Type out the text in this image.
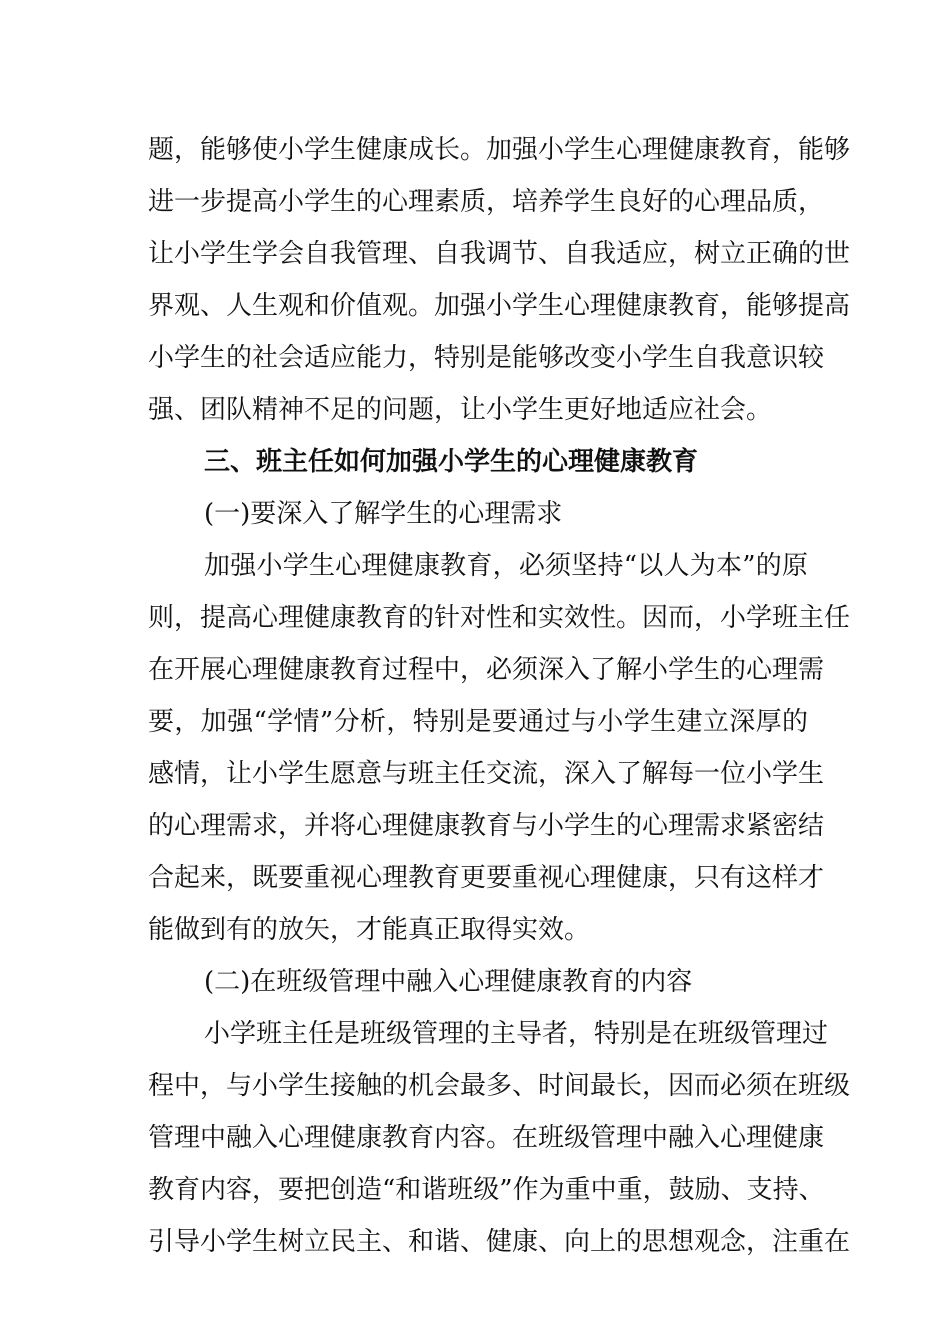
题，能够使小学生健康成长。加强小学生心理健康教育，能够
进一步提高小学生的心理素质，培养学生良好的心理品质，
让小学生学会自我管理、自我调节、自我适应，树立正确的世
界观、人生观和价值观。加强小学生心理健康教育，能够提高
小学生的社会适应能力，特别是能够改变小学生自我意识较
强、团队精神不足的问题，让小学生更好地适应社会。
三、班主任如何加强小学生的心理健康教育
(一)要深入了解学生的心理需求
加强小学生心理健康教育，必须坚持“以人为本”的原
则，提高心理健康教育的针对性和实效性。因而，小学班主任
在开展心理健康教育过程中，必须深入了解小学生的心理需
要，加强“学情”分析，特别是要通过与小学生建立深厚的
感情，让小学生愿意与班主任交流，深入了解每一位小学生
的心理需求，并将心理健康教育与小学生的心理需求紧密结
合起来，既要重视心理教育更要重视心理健康，只有这样才
能做到有的放矢，才能真正取得实效。
(二)在班级管理中融入心理健康教育的内容
小学班主任是班级管理的主导者，特别是在班级管理过
程中，与小学生接触的机会最多、时间最长，因而必须在班级
管理中融入心理健康教育内容。在班级管理中融入心理健康
教育内容，要把创造“和谐班级”作为重中重，鼓励、支持、
引导小学生树立民主、和谐、健康、向上的思想观念，注重在
